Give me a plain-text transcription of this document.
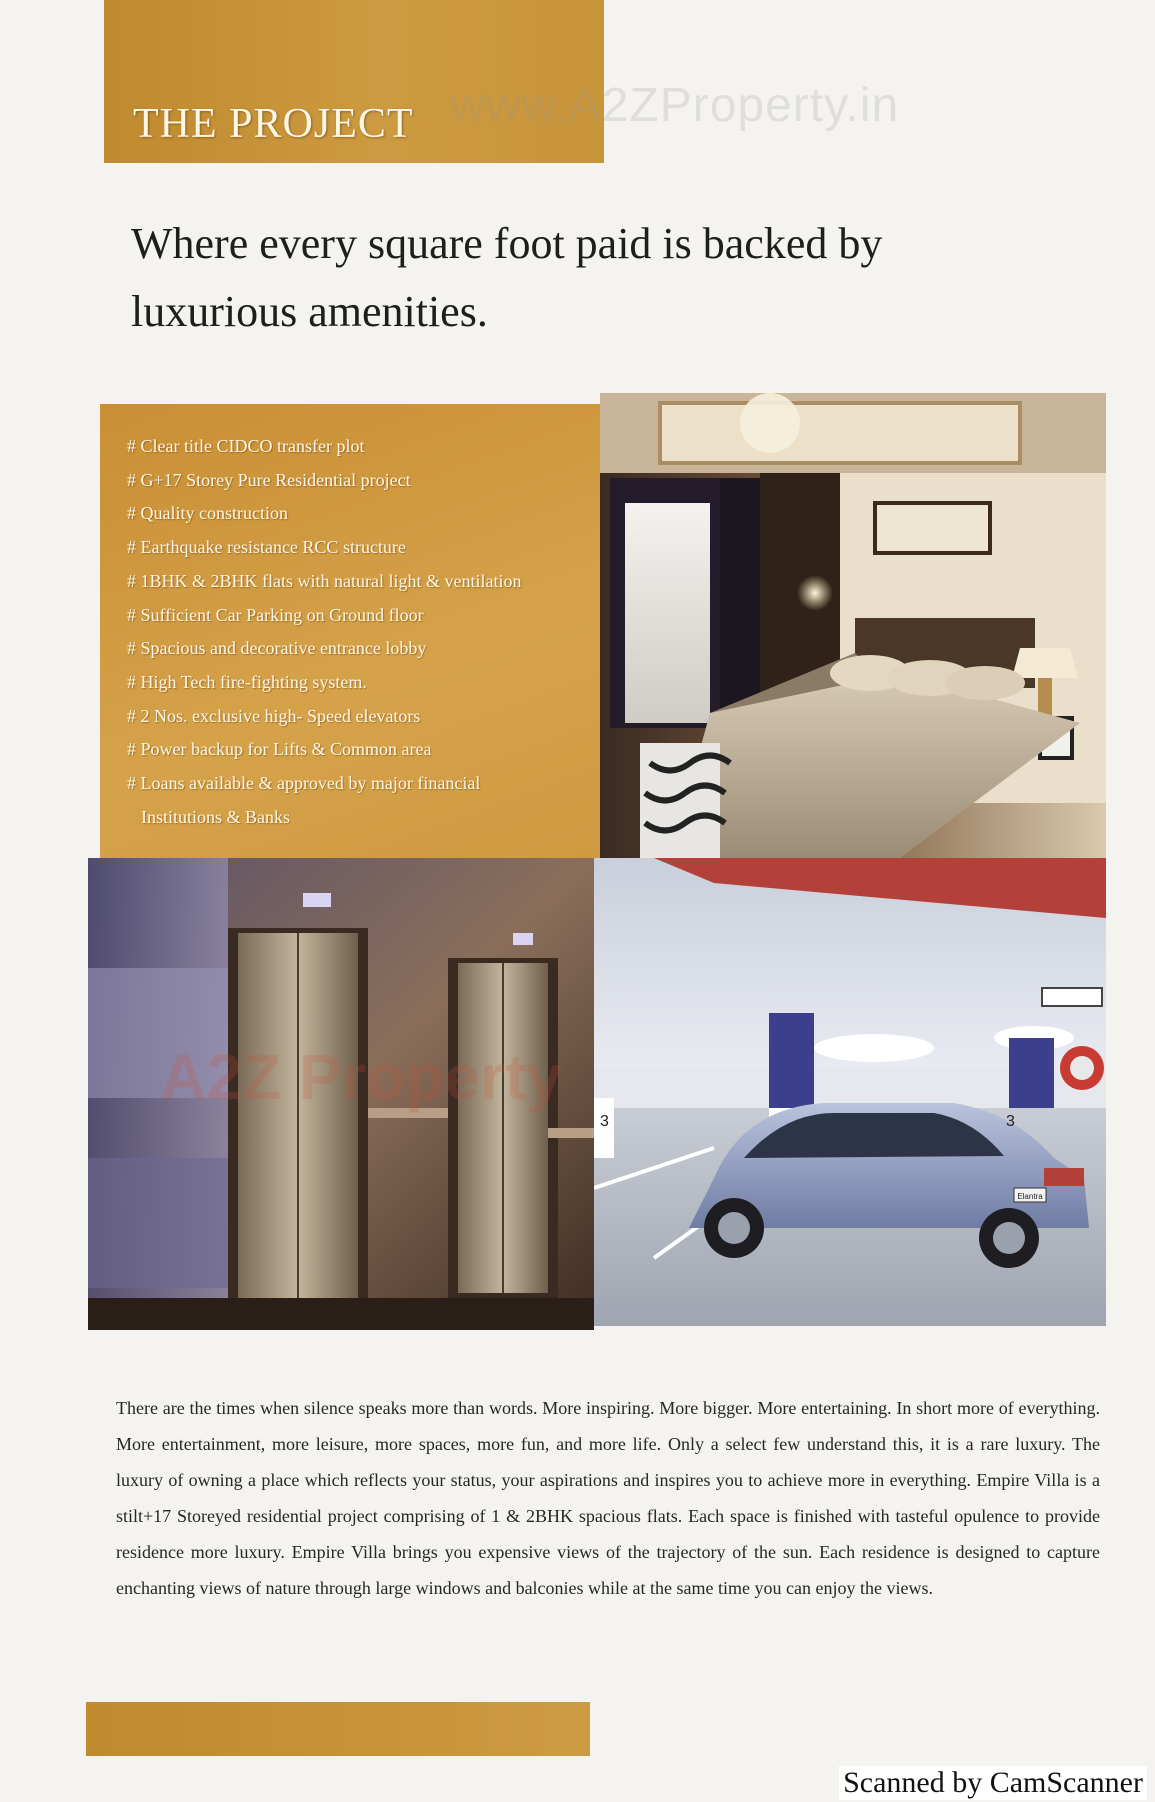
THE PROJECT www.A2ZProperty.in
Where every square foot paid is backed by luxurious amenities.
# Clear title CIDCO transfer plot
# G+17 Storey Pure Residential project
# Quality construction
# Earthquake resistance RCC structure
# 1BHK & 2BHK flats with natural light & ventilation
# Sufficient Car Parking on Ground floor
# Spacious and decorative entrance lobby
# High Tech fire-fighting system.
# 2 Nos. exclusive high- Speed elevators
# Power backup for Lifts & Common area
# Loans available & approved by major financial
Institutions & Banks
Elantra
3	3
A2Z Property

There are the times when silence speaks more than words. More inspiring. More bigger. More entertaining. In short more of everything. More entertainment, more leisure, more spaces, more fun, and more life. Only a select few understand this, it is a rare luxury. The luxury of owning a place which reflects your status, your aspirations and inspires you to achieve more in everything. Empire Villa is a stilt+17 Storeyed residential project comprising of 1 & 2BHK spacious flats. Each space is finished with tasteful opulence to provide residence more luxury. Empire Villa brings you expensive views of the trajectory of the sun. Each residence is designed to capture enchanting views of nature through large windows and balconies while at the same time you can enjoy the views.

Scanned by CamScanner
